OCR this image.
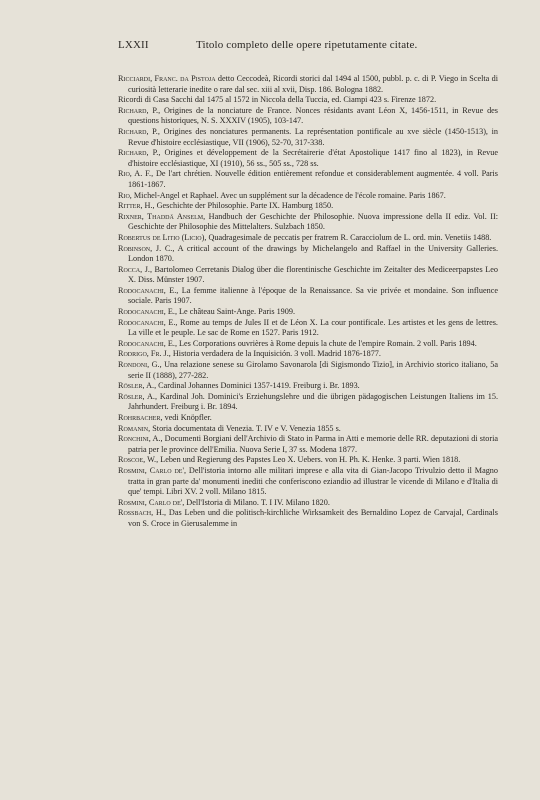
LXXII	Titolo completo delle opere ripetutamente citate.

Ricciardi, Franc. da Pistoja detto Ceccodeà, Ricordi storici dal 1494 al 1500, pubbl. p. c. di P. Viego in Scelta di curiosità letterarie inedite o rare dal sec. xiii al xvii, Disp. 186. Bologna 1882.

Ricordi di Casa Sacchi dal 1475 al 1572 in Niccola della Tuccia, ed. Ciampi 423 s. Firenze 1872.

Richard, P., Origines de la nonciature de France. Nonces résidants avant Léon X, 1456-1511, in Revue des questions historiques, N. S. XXXIV (1905), 103-147.

Richard, P., Origines des nonciatures permanents. La représentation pontificale au xve siècle (1450-1513), in Revue d'histoire ecclésiastique, VII (1906), 52-70, 317-338.

Richard, P., Origines et développement de la Secrétairerie d'état Apostolique 1417 fino al 1823), in Revue d'histoire ecclésiastique, XI (1910), 56 ss., 505 ss., 728 ss.

Rio, A. F., De l'art chrétien. Nouvelle édition entièrement refondue et considerablement augmentée. 4 voll. Paris 1861-1867.

Rio, Michel-Angel et Raphael. Avec un supplément sur la décadence de l'école romaine. Paris 1867.

Ritter, H., Geschichte der Philosophie. Parte IX. Hamburg 1850.

Rixner, Thaddä Anselm, Handbuch der Geschichte der Philosophie. Nuova impressione della II ediz. Vol. II: Geschichte der Philosophie des Mittelalters. Sulzbach 1850.

Robertus de Litio (Licio), Quadragesimale de peccatis per fratrem R. Caracciolum de L. ord. min. Venetiis 1488.

Robinson, J. C., A critical account of the drawings by Michelangelo and Raffael in the University Galleries. London 1870.

Rocca, J., Bartolomeo Cerretanis Dialog über die florentinische Geschichte im Zeitalter des Mediceerpapstes Leo X. Diss. Münster 1907.

Rodocanachi, E., La femme italienne à l'époque de la Renaissance. Sa vie privée et mondaine. Son influence sociale. Paris 1907.

Rodocanachi, E., Le château Saint-Ange. Paris 1909.

Rodocanachi, E., Rome au temps de Jules II et de Léon X. La cour pontificale. Les artistes et les gens de lettres. La ville et le peuple. Le sac de Rome en 1527. Paris 1912.

Rodocanachi, E., Les Corporations ouvrières à Rome depuis la chute de l'empire Romain. 2 voll. Paris 1894.

Rodrigo, Fr. J., Historia verdadera de la Inquisición. 3 voll. Madrid 1876-1877.

Rondoni, G., Una relazione senese su Girolamo Savonarola [di Sigismondo Tizio], in Archivio storico italiano, 5a serie II (1888), 277-282.

Rösler, A., Cardinal Johannes Dominici 1357-1419. Freiburg i. Br. 1893.

Rösler, A., Kardinal Joh. Dominici's Erziehungslehre und die übrigen pädagogischen Leistungen Italiens im 15. Jahrhundert. Freiburg i. Br. 1894.

Rohrbacher, vedi Knöpfler.

Romanin, Storia documentata di Venezia. T. IV e V. Venezia 1855 s.

Ronchini, A., Documenti Borgiani dell'Archivio di Stato in Parma in Atti e memorie delle RR. deputazioni di storia patria per le province dell'Emilia. Nuova Serie I, 37 ss. Modena 1877.

Roscoe, W., Leben und Regierung des Papstes Leo X. Uebers. von H. Ph. K. Henke. 3 parti. Wien 1818.

Rosmini, Carlo de', Dell'istoria intorno alle militari imprese e alla vita di Gian-Jacopo Trivulzio detto il Magno tratta in gran parte da' monumenti inediti che conferiscono eziandio ad illustrar le vicende di Milano e d'Italia di que' tempi. Libri XV. 2 voll. Milano 1815.

Rosmini, Carlo de', Dell'Istoria di Milano. T. I IV. Milano 1820.

Rossbach, H., Das Leben und die politisch-kirchliche Wirksamkeit des Bernaldino Lopez de Carvajal, Cardinals von S. Croce in Gierusalemme in
